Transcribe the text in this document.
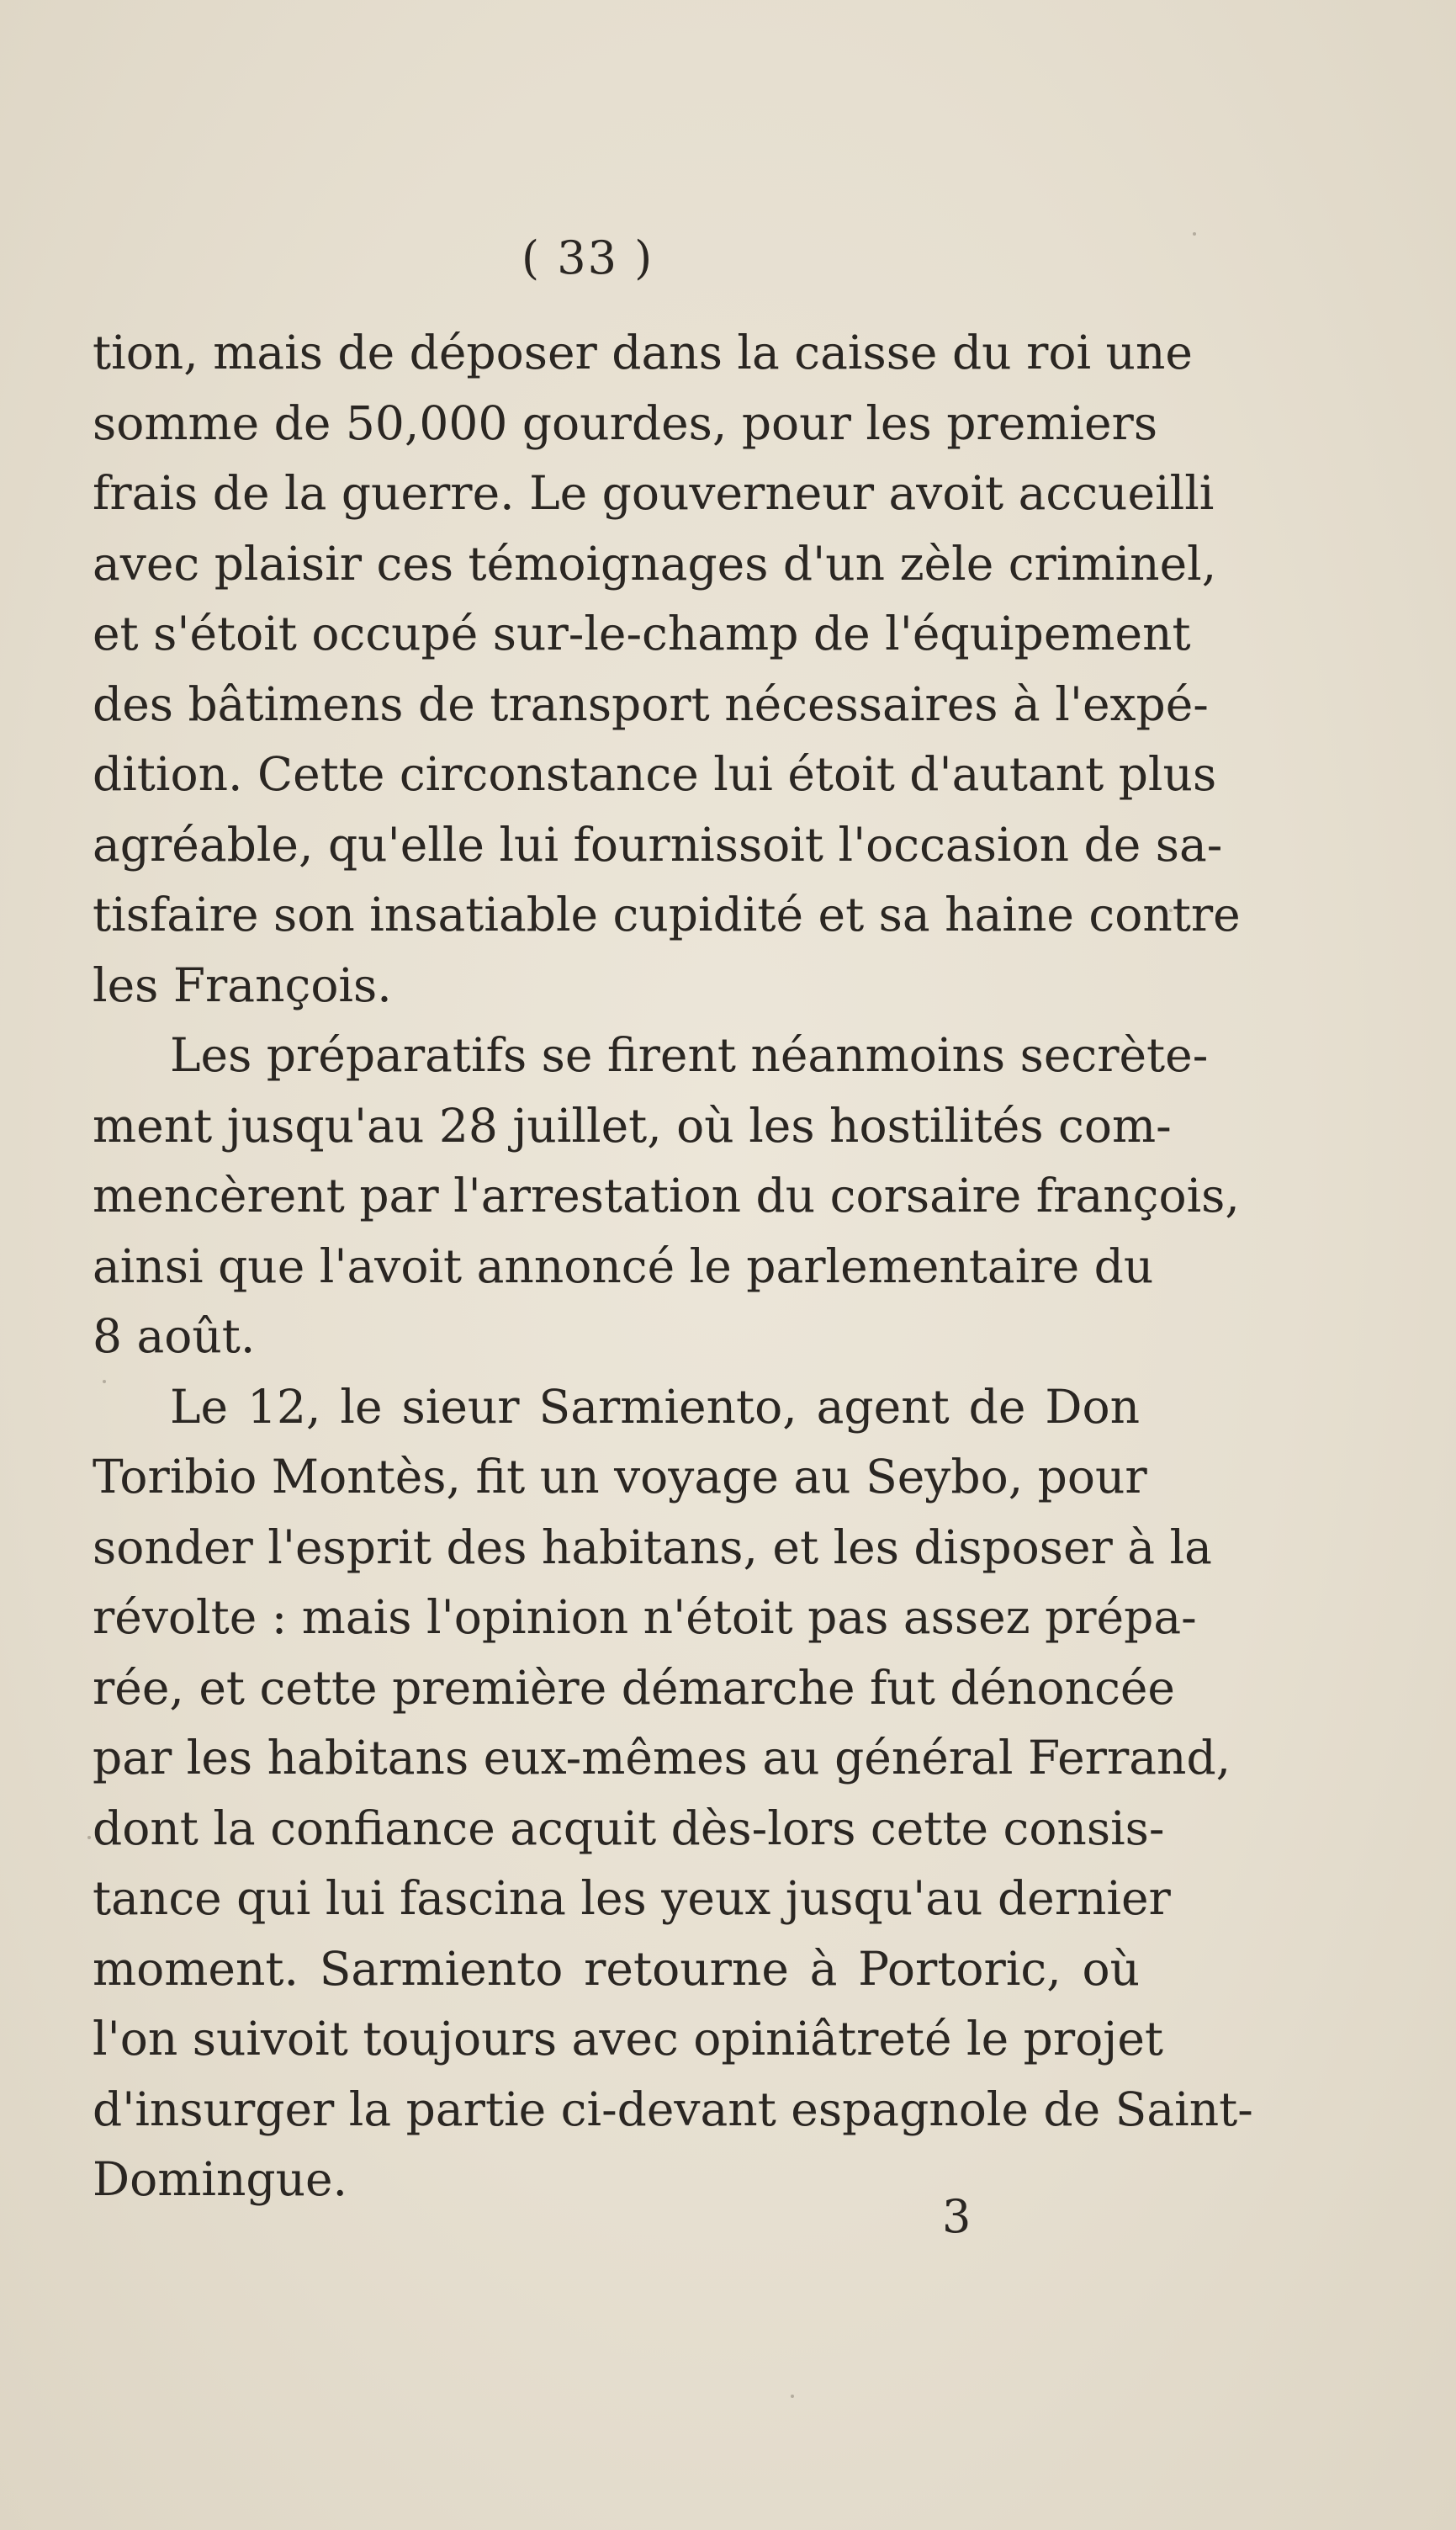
( 33 )
tion, mais de déposer dans la caisse du roi une
somme de 50,000 gourdes, pour les premiers
frais de la guerre. Le gouverneur avoit accueilli
avec plaisir ces témoignages d'un zèle criminel,
et s'étoit occupé sur-le-champ de l'équipement
des bâtimens de transport nécessaires à l'expé-
dition. Cette circonstance lui étoit d'autant plus
agréable, qu'elle lui fournissoit l'occasion de sa-
tisfaire son insatiable cupidité et sa haine contre
les François.
Les préparatifs se firent néanmoins secrète-
ment jusqu'au 28 juillet, où les hostilités com-
mencèrent par l'arrestation du corsaire françois,
ainsi que l'avoit annoncé le parlementaire du
8 août.
Le 12, le sieur Sarmiento, agent de Don
Toribio Montès, fit un voyage au Seybo, pour
sonder l'esprit des habitans, et les disposer à la
révolte : mais l'opinion n'étoit pas assez prépa-
rée, et cette première démarche fut dénoncée
par les habitans eux-mêmes au général Ferrand,
dont la confiance acquit dès-lors cette consis-
tance qui lui fascina les yeux jusqu'au dernier
moment. Sarmiento retourne à Portoric, où
l'on suivoit toujours avec opiniâtreté le projet
d'insurger la partie ci-devant espagnole de Saint-
Domingue.
3
